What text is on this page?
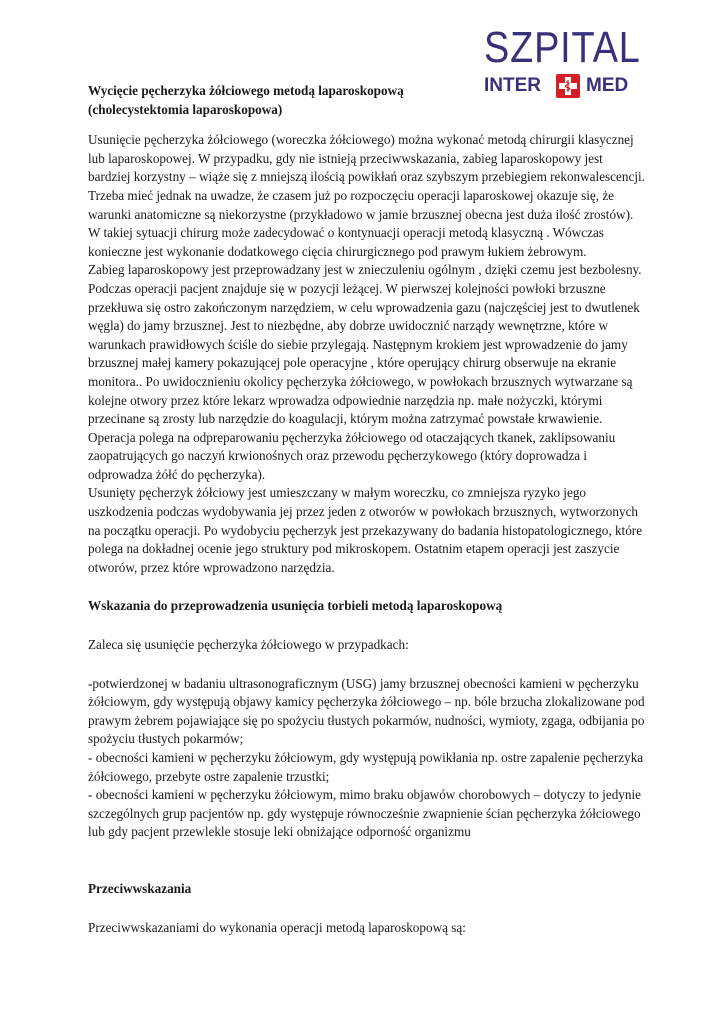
SZPITAL
INTER MED

Wycięcie pęcherzyka żółciowego metodą laparoskopową

(cholecystektomia laparoskopowa)

Usunięcie pęcherzyka żółciowego (woreczka żółciowego) można wykonać metodą chirurgii klasycznej lub laparoskopowej. W przypadku, gdy nie istnieją przeciwwskazania, zabieg laparoskopowy jest bardziej korzystny – wiąże się z mniejszą ilością powikłań oraz szybszym przebiegiem rekonwalescencji. Trzeba mieć jednak na uwadze, że czasem już po rozpoczęciu operacji laparoskowej okazuje się, że warunki anatomiczne są niekorzystne (przykładowo w jamie brzusznej obecna jest duża ilość zrostów). W takiej sytuacji chirurg może zadecydować o kontynuacji operacji metodą klasyczną . Wówczas konieczne jest wykonanie dodatkowego cięcia chirurgicznego pod prawym łukiem żebrowym.

Zabieg laparoskopowy jest przeprowadzany jest w znieczuleniu ogólnym , dzięki czemu jest bezbolesny. Podczas operacji pacjent znajduje się w pozycji leżącej. W pierwszej kolejności powłoki brzuszne przekłuwa się ostro zakończonym narzędziem, w celu wprowadzenia gazu (najczęściej jest to dwutlenek węgla) do jamy brzusznej. Jest to niezbędne, aby dobrze uwidocznić narządy wewnętrzne, które w warunkach prawidłowych ściśle do siebie przylegają. Następnym krokiem jest wprowadzenie do jamy brzusznej małej kamery pokazującej pole operacyjne , które operujący chirurg obserwuje na ekranie monitora.. Po uwidocznieniu okolicy pęcherzyka żółciowego, w powłokach brzusznych wytwarzane są kolejne otwory przez które lekarz wprowadza odpowiednie narzędzia np. małe nożyczki, którymi przecinane są zrosty lub narzędzie do koagulacji, którym można zatrzymać powstałe krwawienie. Operacja polega na odpreparowaniu pęcherzyka żółciowego od otaczających tkanek, zaklipsowaniu zaopatrujących go naczyń krwionośnych oraz przewodu pęcherzykowego (który doprowadza i odprowadza żółć do pęcherzyka).

Usunięty pęcherzyk żółciowy jest umieszczany w małym woreczku, co zmniejsza ryzyko jego uszkodzenia podczas wydobywania jej przez jeden z otworów w powłokach brzusznych, wytworzonych na początku operacji. Po wydobyciu pęcherzyk jest przekazywany do badania histopatologicznego, które polega na dokładnej ocenie jego struktury pod mikroskopem. Ostatnim etapem operacji jest zaszycie otworów, przez które wprowadzono narzędzia.

Wskazania do przeprowadzenia usunięcia torbieli metodą laparoskopową

Zaleca się usunięcie pęcherzyka żółciowego w przypadkach:

-potwierdzonej w badaniu ultrasonograficznym (USG) jamy brzusznej obecności kamieni w pęcherzyku żółciowym, gdy występują objawy kamicy pęcherzyka żółciowego – np. bóle brzucha zlokalizowane pod prawym żebrem pojawiające się po spożyciu tłustych pokarmów, nudności, wymioty, zgaga, odbijania po spożyciu tłustych pokarmów;

- obecności kamieni w pęcherzyku żółciowym, gdy występują powikłania np. ostre zapalenie pęcherzyka żółciowego, przebyte ostre zapalenie trzustki;

- obecności kamieni w pęcherzyku żółciowym, mimo braku objawów chorobowych – dotyczy to jedynie szczególnych grup pacjentów np. gdy występuje równocześnie zwapnienie ścian pęcherzyka żółciowego lub gdy pacjent przewlekle stosuje leki obniżające odporność organizmu

Przeciwwskazania

Przeciwwskazaniami do wykonania operacji metodą laparoskopową są:
